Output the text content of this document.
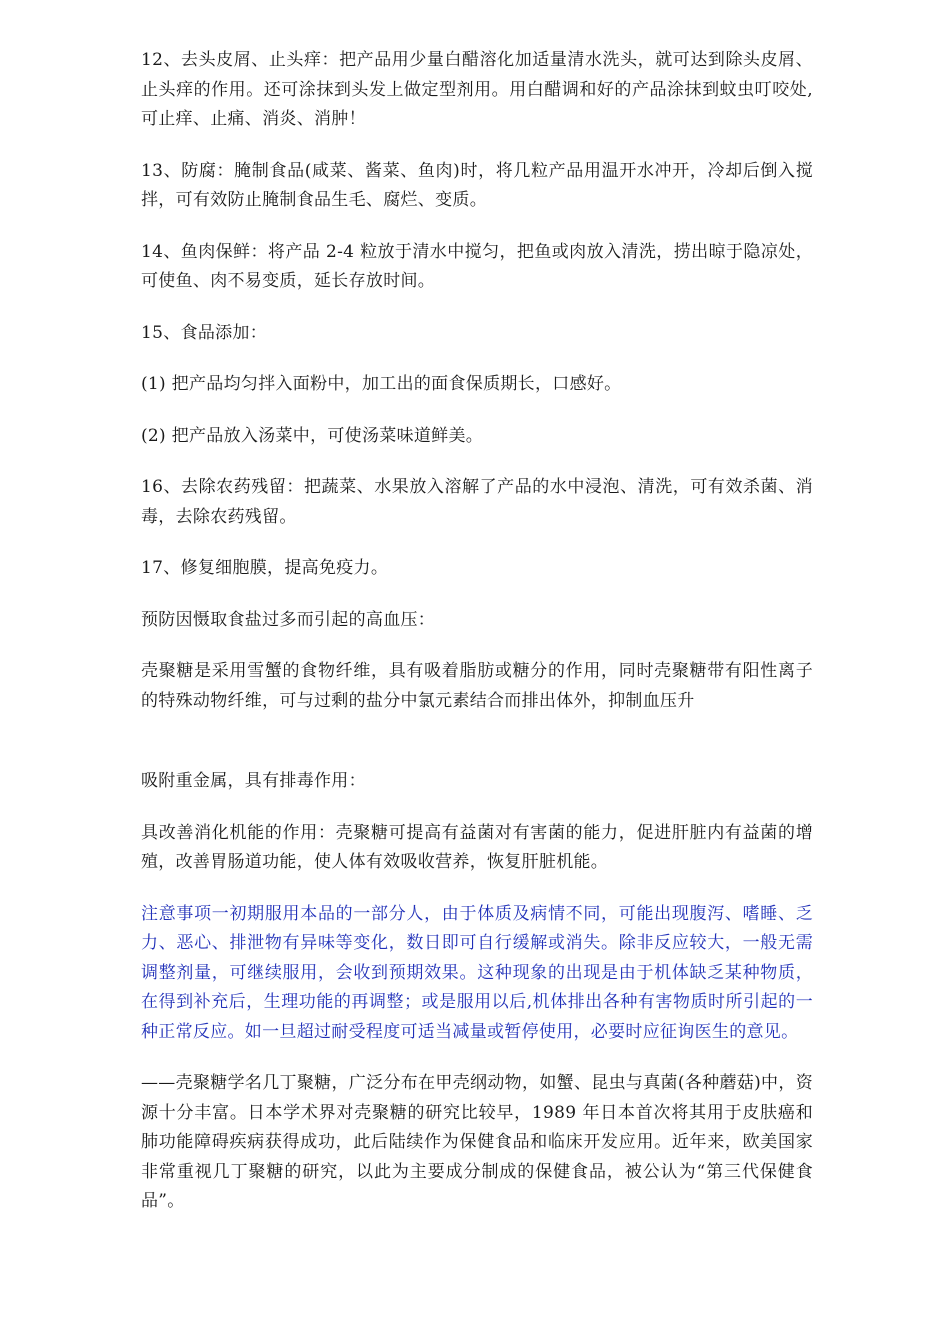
12、去头皮屑、止头痒：把产品用少量白醋溶化加适量清水洗头，就可达到除头皮屑、止头痒的作用。还可涂抹到头发上做定型剂用。用白醋调和好的产品涂抹到蚊虫叮咬处,可止痒、止痛、消炎、消肿！

13、防腐：腌制食品(咸菜、酱菜、鱼肉)时，将几粒产品用温开水冲开，冷却后倒入搅拌，可有效防止腌制食品生毛、腐烂、变质。

14、鱼肉保鲜：将产品 2-4 粒放于清水中搅匀，把鱼或肉放入清洗，捞出晾于隐凉处，可使鱼、肉不易变质，延长存放时间。

15、食品添加：

(1) 把产品均匀拌入面粉中，加工出的面食保质期长，口感好。

(2) 把产品放入汤菜中，可使汤菜味道鲜美。

16、去除农药残留：把蔬菜、水果放入溶解了产品的水中浸泡、清洗，可有效杀菌、消毒，去除农药残留。

17、修复细胞膜，提高免疫力。

预防因慑取食盐过多而引起的高血压：

壳聚糖是采用雪蟹的食物纤维，具有吸着脂肪或糖分的作用，同时壳聚糖带有阳性离子的特殊动物纤维，可与过剩的盐分中氯元素结合而排出体外，抑制血压升

吸附重金属，具有排毒作用：

具改善消化机能的作用：壳聚糖可提高有益菌对有害菌的能力，促进肝脏内有益菌的增殖，改善胃肠道功能，使人体有效吸收营养，恢复肝脏机能。

注意事项一初期服用本品的一部分人，由于体质及病情不同，可能出现腹泻、嗜睡、乏力、恶心、排泄物有异味等变化，数日即可自行缓解或消失。除非反应较大，一般无需调整剂量，可继续服用，会收到预期效果。这种现象的出现是由于机体缺乏某种物质，在得到补充后，生理功能的再调整；或是服用以后,机体排出各种有害物质时所引起的一种正常反应。如一旦超过耐受程度可适当减量或暂停使用，必要时应征询医生的意见。

——壳聚糖学名几丁聚糖，广泛分布在甲壳纲动物，如蟹、昆虫与真菌(各种蘑菇)中，资源十分丰富。日本学术界对壳聚糖的研究比较早，1989 年日本首次将其用于皮肤癌和肺功能障碍疾病获得成功，此后陆续作为保健食品和临床开发应用。近年来，欧美国家非常重视几丁聚糖的研究，以此为主要成分制成的保健食品，被公认为“第三代保健食品”。
